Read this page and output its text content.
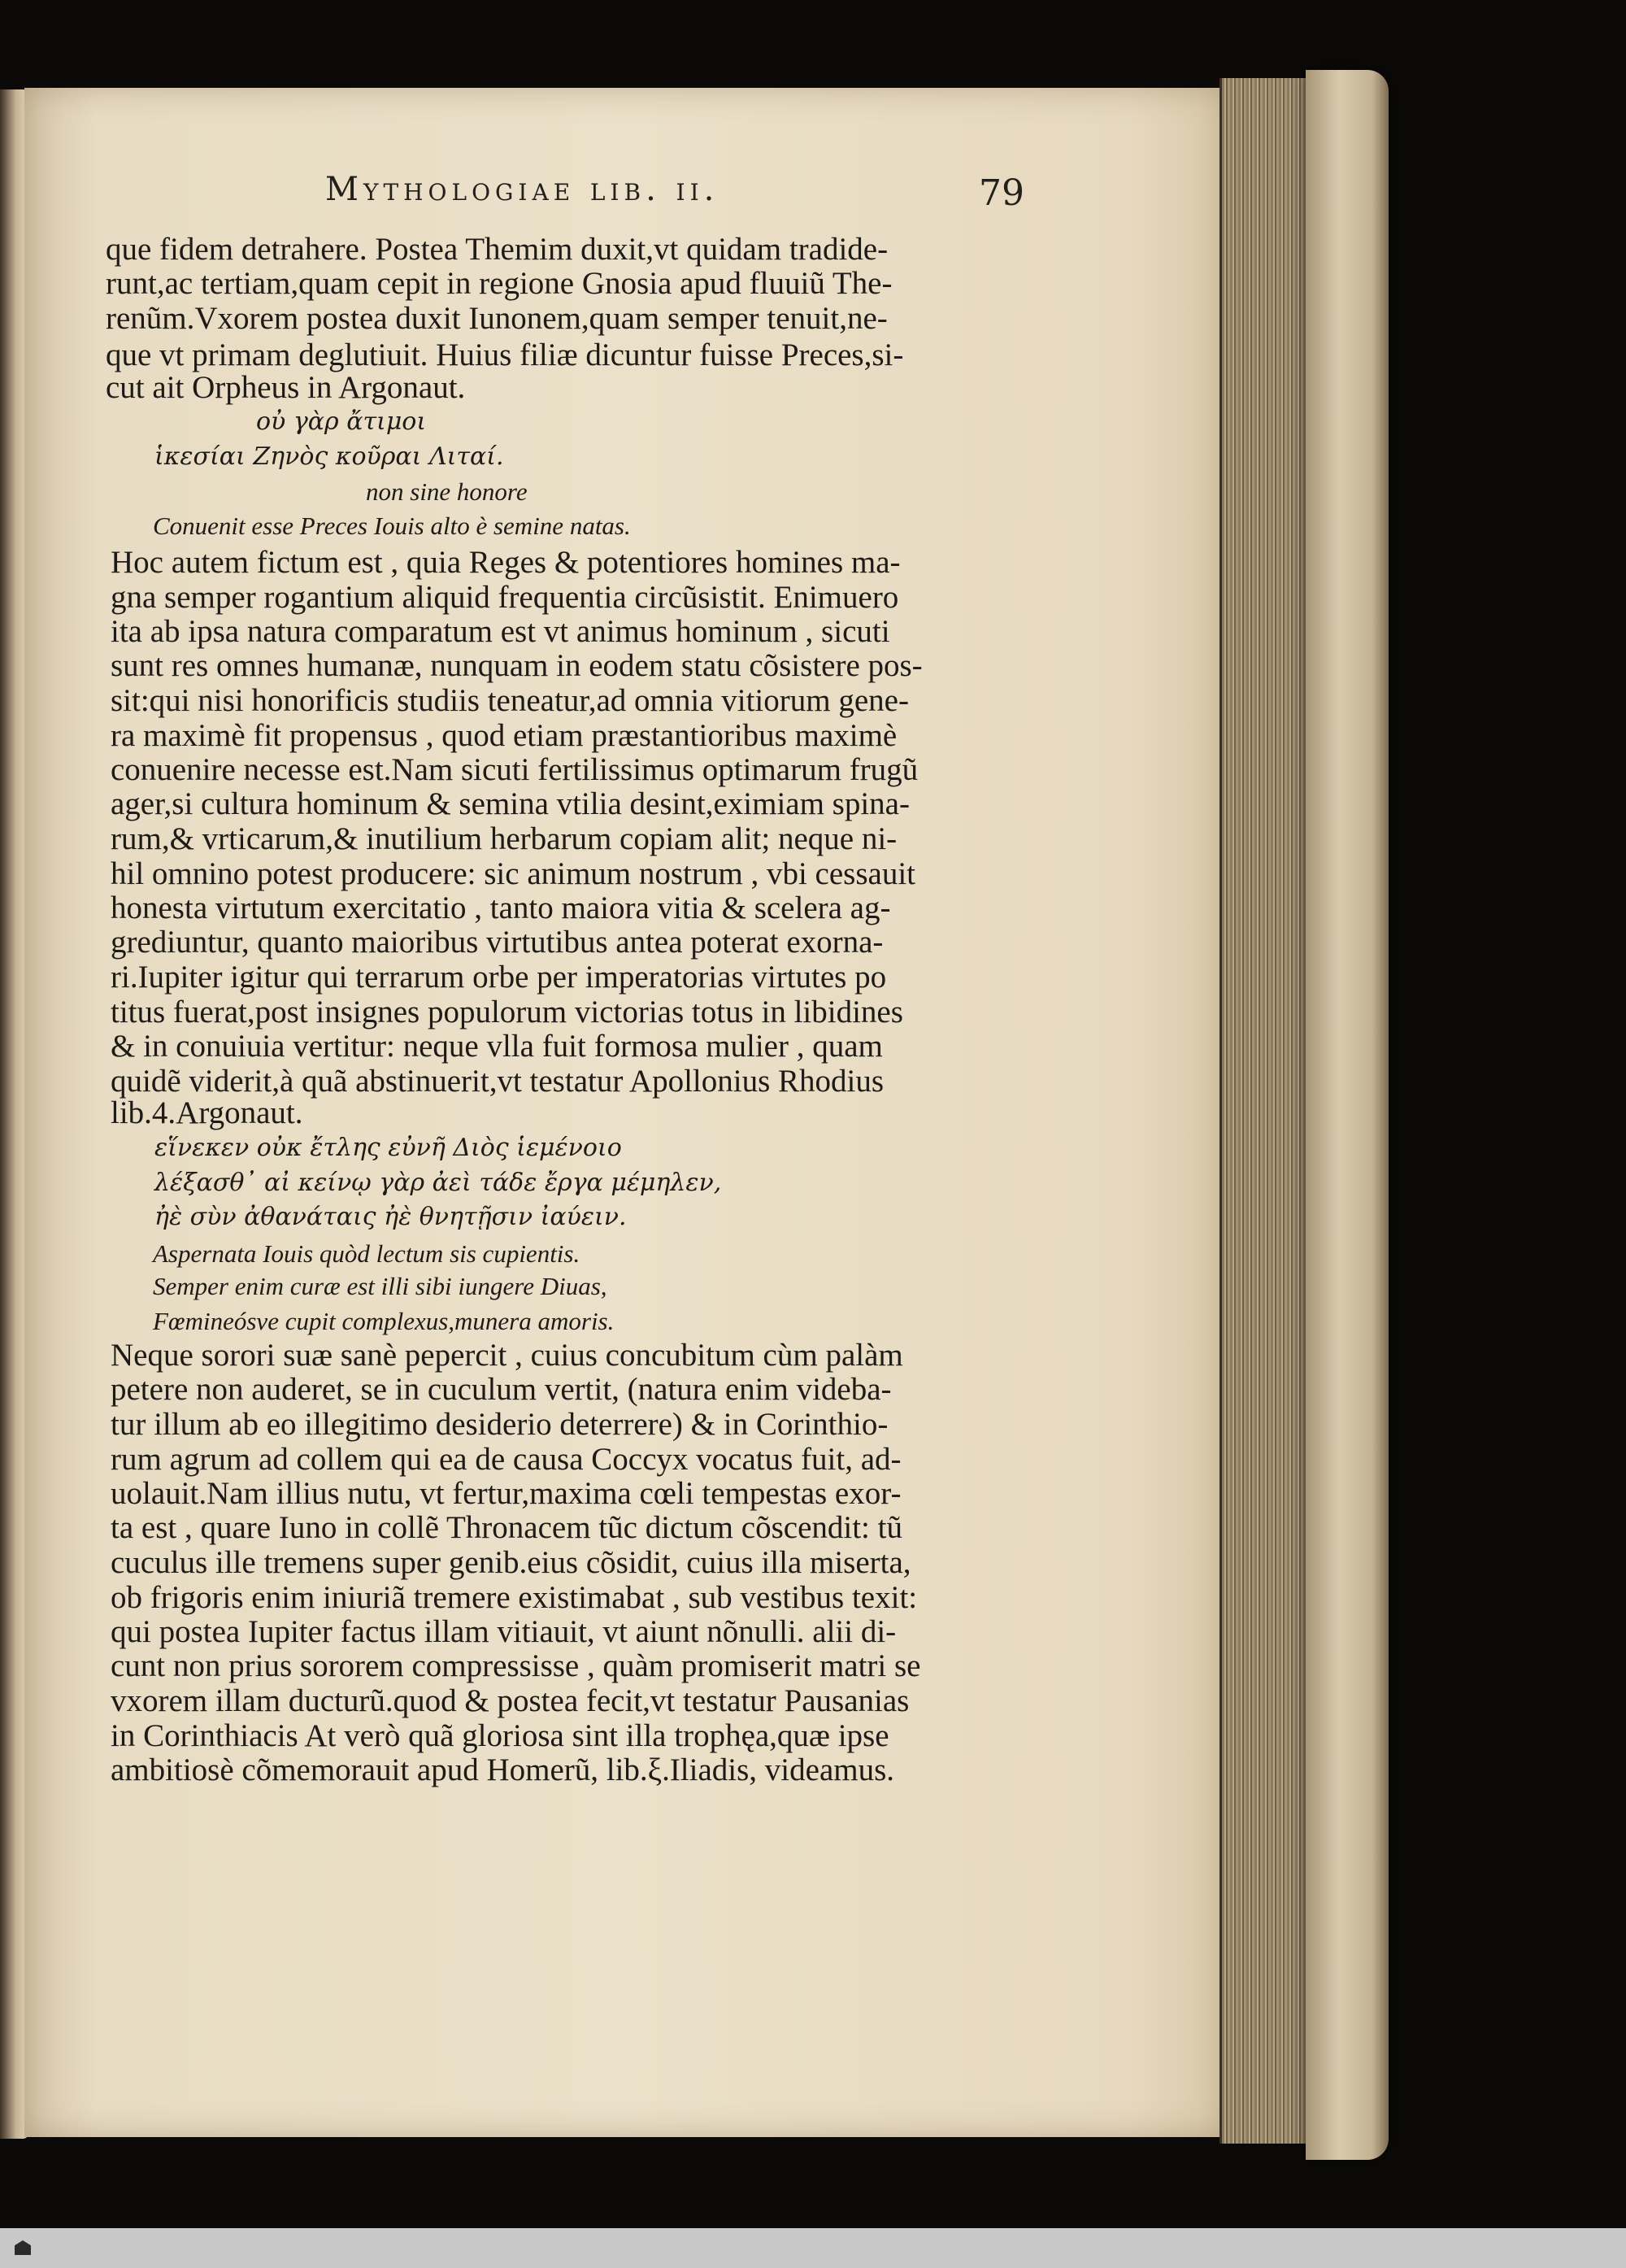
Mythologiae lib. ii.	79
que fidem detrahere. Postea Themim duxit,vt quidam tradide-
runt,ac tertiam,quam cepit in regione Gnosia apud fluuiũ The-
renũm.Vxorem postea duxit Iunonem,quam semper tenuit,ne-
que vt primam deglutiuit. Huius filiæ dicuntur fuisse Preces,si-
cut ait Orpheus in Argonaut.
οὐ γὰρ ἄτιμοι
ἱκεσίαι Ζηνὸς κοῦραι Λιταί.
non sine honore
Conuenit esse Preces Iouis alto è semine natas.
Hoc autem fictum est , quia Reges & potentiores homines ma-
gna semper rogantium aliquid frequentia circũsistit. Enimuero
ita ab ipsa natura comparatum est vt animus hominum , sicuti
sunt res omnes humanæ, nunquam in eodem statu cõsistere pos-
sit:qui nisi honorificis studiis teneatur,ad omnia vitiorum gene-
ra maximè fit propensus , quod etiam præstantioribus maximè
conuenire necesse est.Nam sicuti fertilissimus optimarum frugũ
ager,si cultura hominum & semina vtilia desint,eximiam spina-
rum,& vrticarum,& inutilium herbarum copiam alit; neque ni-
hil omnino potest producere: sic animum nostrum , vbi cessauit
honesta virtutum exercitatio , tanto maiora vitia & scelera ag-
grediuntur, quanto maioribus virtutibus antea poterat exorna-
ri.Iupiter igitur qui terrarum orbe per imperatorias virtutes po
titus fuerat,post insignes populorum victorias totus in libidines
& in conuiuia vertitur: neque vlla fuit formosa mulier , quam
quidẽ viderit,à quã abstinuerit,vt testatur Apollonius Rhodius
lib.4.Argonaut.
εἵνεκεν οὐκ ἔτλης εὐνῆ Διὸς ἱεμένοιο
λέξασθ᾽ αἰ κείνῳ γὰρ ἀεὶ τάδε ἔργα μέμηλεν,
ἠὲ σὺν ἀθανάταις ἠὲ θνητῇσιν ἰαύειν.
Aspernata Iouis quòd lectum sis cupientis.
Semper enim curæ est illi sibi iungere Diuas,
Fœmineósve cupit complexus,munera amoris.
Neque sorori suæ sanè pepercit , cuius concubitum cùm palàm
petere non auderet, se in cuculum vertit, (natura enim videba-
tur illum ab eo illegitimo desiderio deterrere) & in Corinthio-
rum agrum ad collem qui ea de causa Coccyx vocatus fuit, ad-
uolauit.Nam illius nutu, vt fertur,maxima cœli tempestas exor-
ta est , quare Iuno in collẽ Thronacem tũc dictum cõscendit: tũ
cuculus ille tremens super genib.eius cõsidit, cuius illa miserta,
ob frigoris enim iniuriã tremere existimabat , sub vestibus texit:
qui postea Iupiter factus illam vitiauit, vt aiunt nõnulli. alii di-
cunt non prius sororem compressisse , quàm promiserit matri se
vxorem illam ducturũ.quod & postea fecit,vt testatur Pausanias
in Corinthiacis At verò quã gloriosa sint illa trophęa,quæ ipse
ambitiosè cõmemorauit apud Homerũ, lib.ξ.Iliadis, videamus.
